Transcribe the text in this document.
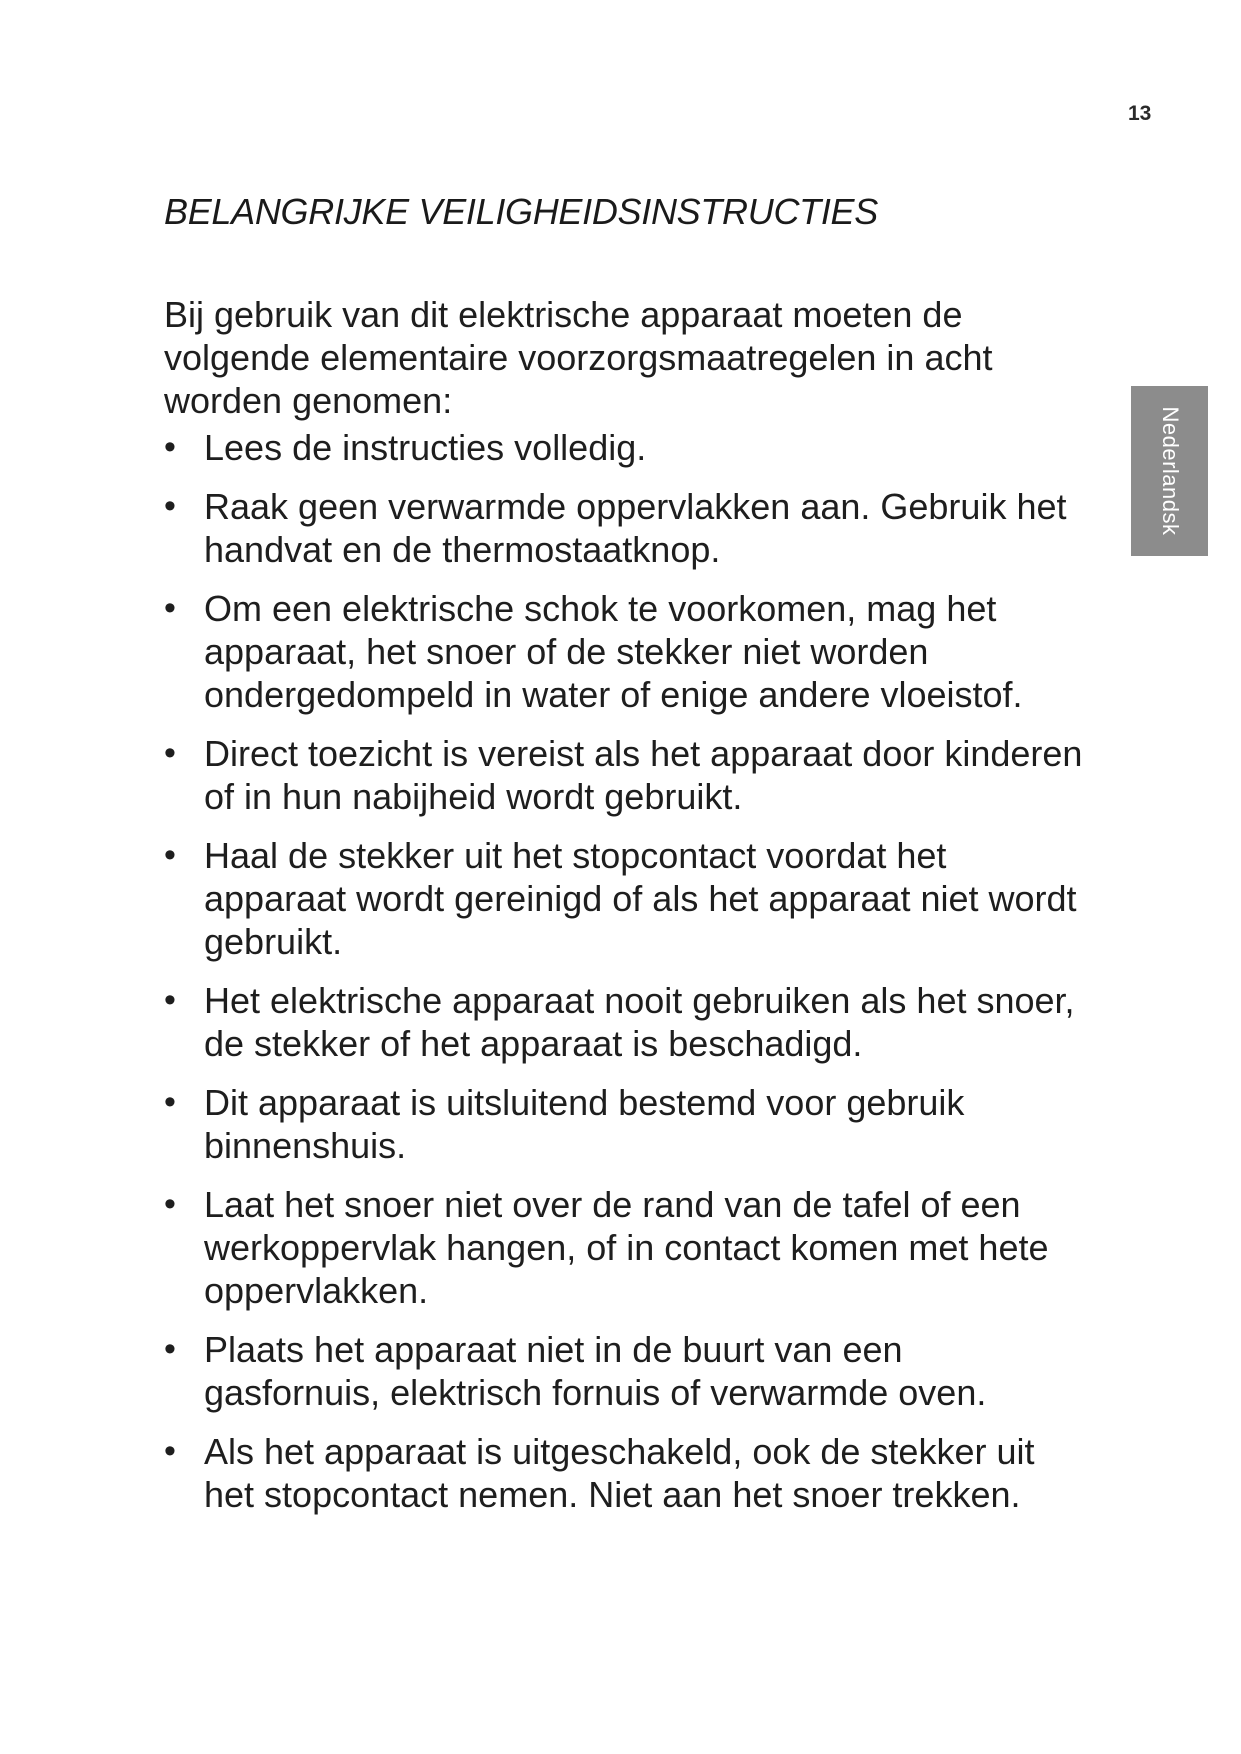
13
Nederlandsk
BELANGRIJKE VEILIGHEIDSINSTRUCTIES

Bij gebruik van dit elektrische apparaat moeten de volgende elementaire voorzorgsmaatregelen in acht worden genomen:

• Lees de instructies volledig.
• Raak geen verwarmde oppervlakken aan. Gebruik het handvat en de thermostaatknop.
• Om een elektrische schok te voorkomen, mag het apparaat, het snoer of de stekker niet worden ondergedompeld in water of enige andere vloeistof.
• Direct toezicht is vereist als het apparaat door kinderen of in hun nabijheid wordt gebruikt.
• Haal de stekker uit het stopcontact voordat het apparaat wordt gereinigd of als het apparaat niet wordt gebruikt.
• Het elektrische apparaat nooit gebruiken als het snoer, de stekker of het apparaat is beschadigd.
• Dit apparaat is uitsluitend bestemd voor gebruik binnenshuis.
• Laat het snoer niet over de rand van de tafel of een werkoppervlak hangen, of in contact komen met hete oppervlakken.
• Plaats het apparaat niet in de buurt van een gasfornuis, elektrisch fornuis of verwarmde oven.
• Als het apparaat is uitgeschakeld, ook de stekker uit het stopcontact nemen. Niet aan het snoer trekken.
